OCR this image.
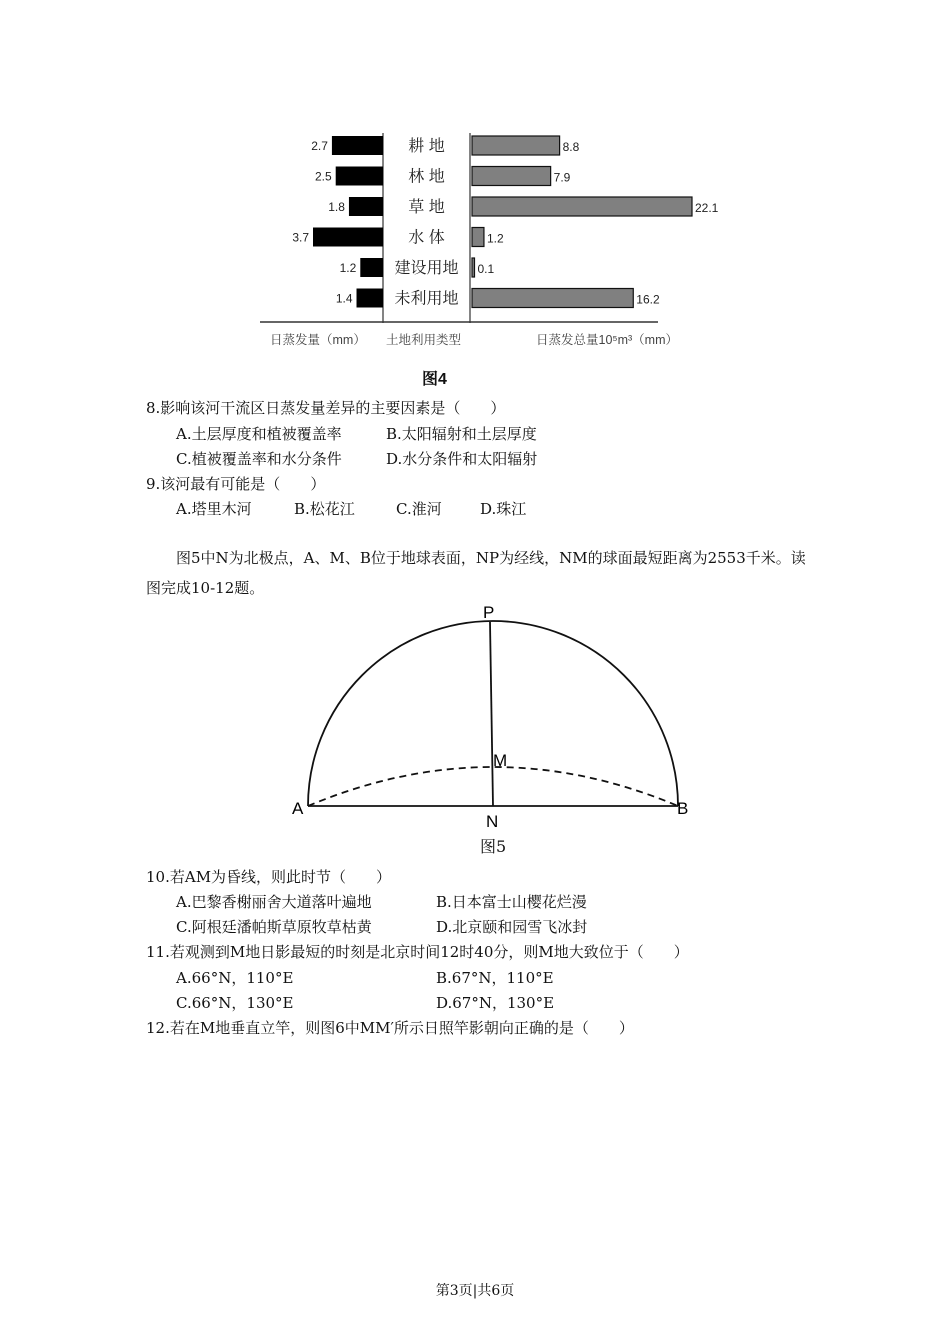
2.7	8.8
耕 地
2.5	7.9
林 地
1.8	22.1
草 地
3.7	1.2
水 体
1.2	0.1
建设用地
1.4	16.2
未利用地
日蒸发量（mm） 土地利用类型	日蒸发总量10⁵m³（mm）
图4
8.影响该河干流区日蒸发量差异的主要因素是（　　）
A.土层厚度和植被覆盖率	B.太阳辐射和土层厚度
C.植被覆盖率和水分条件	D.水分条件和太阳辐射
9.该河最有可能是（　　）
A.塔里木河	B.松花江	C.淮河	D.珠江
图5中N为北极点，A、M、B位于地球表面，NP为经线，NM的球面最短距离为2553千米。读图完成10-12题。
P
M
A	B
N
图5
10.若AM为昏线，则此时节（　　）
A.巴黎香榭丽舍大道落叶遍地	B.日本富士山樱花烂漫
C.阿根廷潘帕斯草原牧草枯黄	D.北京颐和园雪飞冰封
11.若观测到M地日影最短的时刻是北京时间12时40分，则M地大致位于（　　）
A.66°N，110°E	B.67°N，110°E
C.66°N，130°E	D.67°N，130°E
12.若在M地垂直立竿，则图6中MM′所示日照竿影朝向正确的是（　　）
第3页|共6页
